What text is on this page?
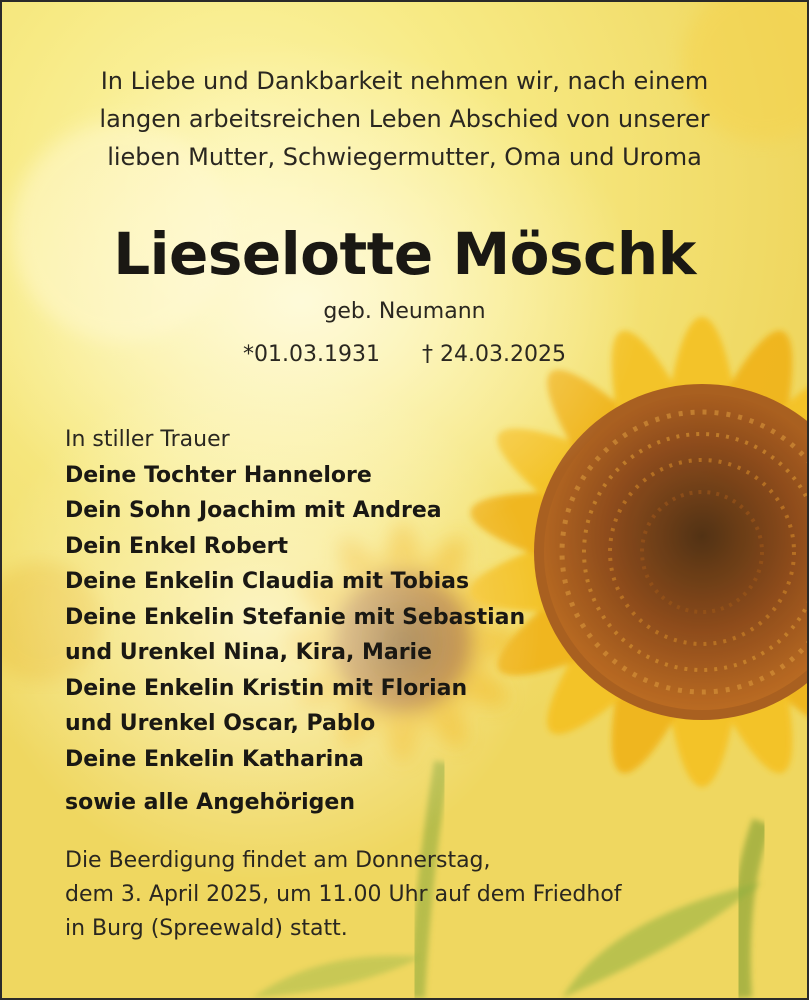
In Liebe und Dankbarkeit nehmen wir, nach einem
langen arbeitsreichen Leben Abschied von unserer
lieben Mutter, Schwiegermutter, Oma und Uroma
Lieselotte Möschk
geb. Neumann
*01.03.1931 † 24.03.2025
In stiller Trauer
Deine Tochter Hannelore
Dein Sohn Joachim mit Andrea
Dein Enkel Robert
Deine Enkelin Claudia mit Tobias
Deine Enkelin Stefanie mit Sebastian
und Urenkel Nina, Kira, Marie
Deine Enkelin Kristin mit Florian
und Urenkel Oscar, Pablo
Deine Enkelin Katharina
sowie alle Angehörigen
Die Beerdigung findet am Donnerstag,
dem 3. April 2025, um 11.00 Uhr auf dem Friedhof
in Burg (Spreewald) statt.
